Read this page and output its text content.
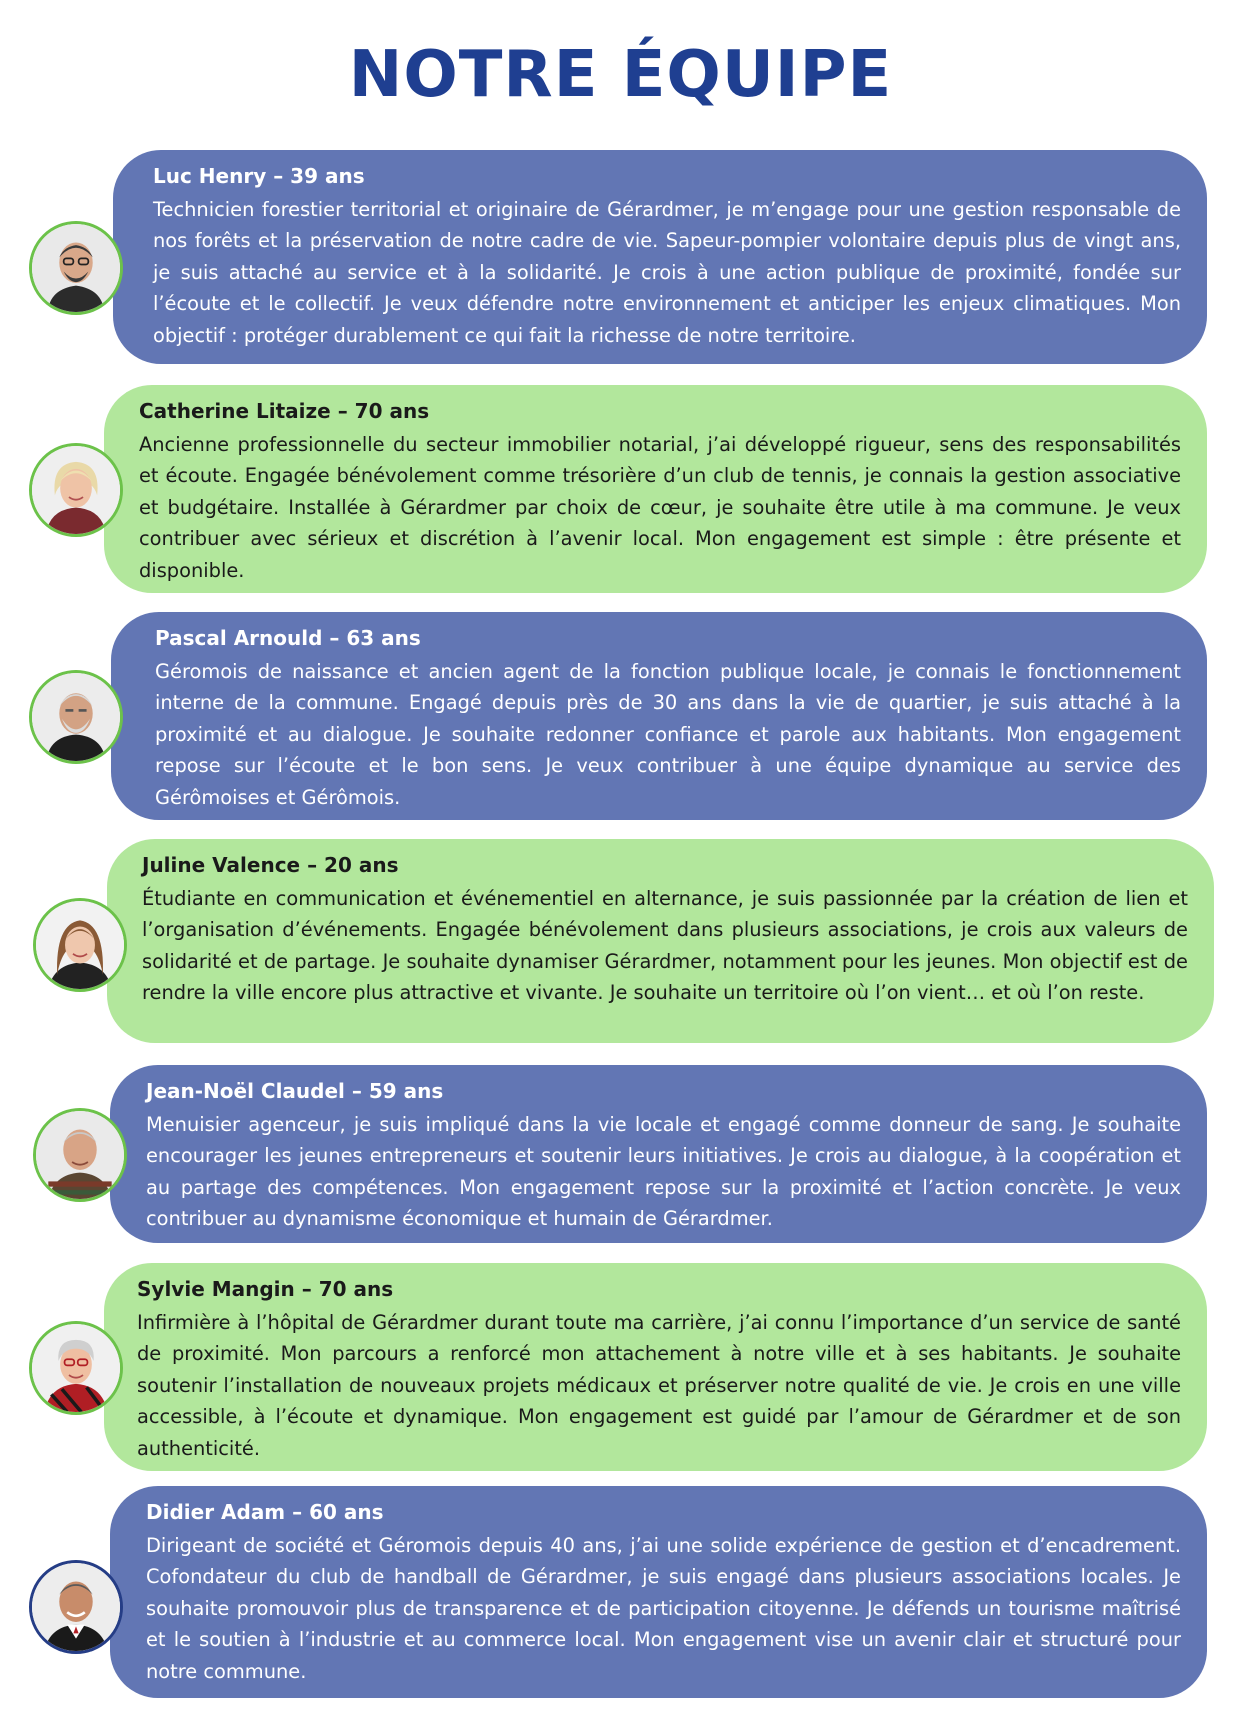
NOTRE ÉQUIPE
Luc Henry – 39 ans
Technicien forestier territorial et originaire de Gérardmer, je m’engage pour une gestion responsable de nos forêts et la préservation de notre cadre de vie. Sapeur-pompier volontaire depuis plus de vingt ans, je suis attaché au service et à la solidarité. Je crois à une action publique de proximité, fondée sur l’écoute et le collectif. Je veux défendre notre environnement et anticiper les enjeux climatiques. Mon objectif : protéger durablement ce qui fait la richesse de notre territoire.
Catherine Litaize – 70 ans
Ancienne professionnelle du secteur immobilier notarial, j’ai développé rigueur, sens des responsabilités et écoute. Engagée bénévolement comme trésorière d’un club de tennis, je connais la gestion associative et budgétaire. Installée à Gérardmer par choix de cœur, je souhaite être utile à ma commune. Je veux contribuer avec sérieux et discrétion à l’avenir local. Mon engagement est simple : être présente et disponible.
Pascal Arnould – 63 ans
Géromois de naissance et ancien agent de la fonction publique locale, je connais le fonctionnement interne de la commune. Engagé depuis près de 30 ans dans la vie de quartier, je suis attaché à la proximité et au dialogue. Je souhaite redonner confiance et parole aux habitants. Mon engagement repose sur l’écoute et le bon sens. Je veux contribuer à une équipe dynamique au service des Gérômoises et Gérômois.
Juline Valence – 20 ans
Étudiante en communication et événementiel en alternance, je suis passionnée par la création de lien et l’organisation d’événements. Engagée bénévolement dans plusieurs associations, je crois aux valeurs de solidarité et de partage. Je souhaite dynamiser Gérardmer, notamment pour les jeunes. Mon objectif est de rendre la ville encore plus attractive et vivante. Je souhaite un territoire où l’on vient… et où l’on reste.
Jean-Noël Claudel – 59 ans
Menuisier agenceur, je suis impliqué dans la vie locale et engagé comme donneur de sang. Je souhaite encourager les jeunes entrepreneurs et soutenir leurs initiatives. Je crois au dialogue, à la coopération et au partage des compétences. Mon engagement repose sur la proximité et l’action concrète. Je veux contribuer au dynamisme économique et humain de Gérardmer.
Sylvie Mangin – 70 ans
Infirmière à l’hôpital de Gérardmer durant toute ma carrière, j’ai connu l’importance d’un service de santé de proximité. Mon parcours a renforcé mon attachement à notre ville et à ses habitants. Je souhaite soutenir l’installation de nouveaux projets médicaux et préserver notre qualité de vie. Je crois en une ville accessible, à l’écoute et dynamique. Mon engagement est guidé par l’amour de Gérardmer et de son authenticité.
Didier Adam – 60 ans
Dirigeant de société et Géromois depuis 40 ans, j’ai une solide expérience de gestion et d’encadrement. Cofondateur du club de handball de Gérardmer, je suis engagé dans plusieurs associations locales. Je souhaite promouvoir plus de transparence et de participation citoyenne. Je défends un tourisme maîtrisé et le soutien à l’industrie et au commerce local. Mon engagement vise un avenir clair et structuré pour notre commune.
